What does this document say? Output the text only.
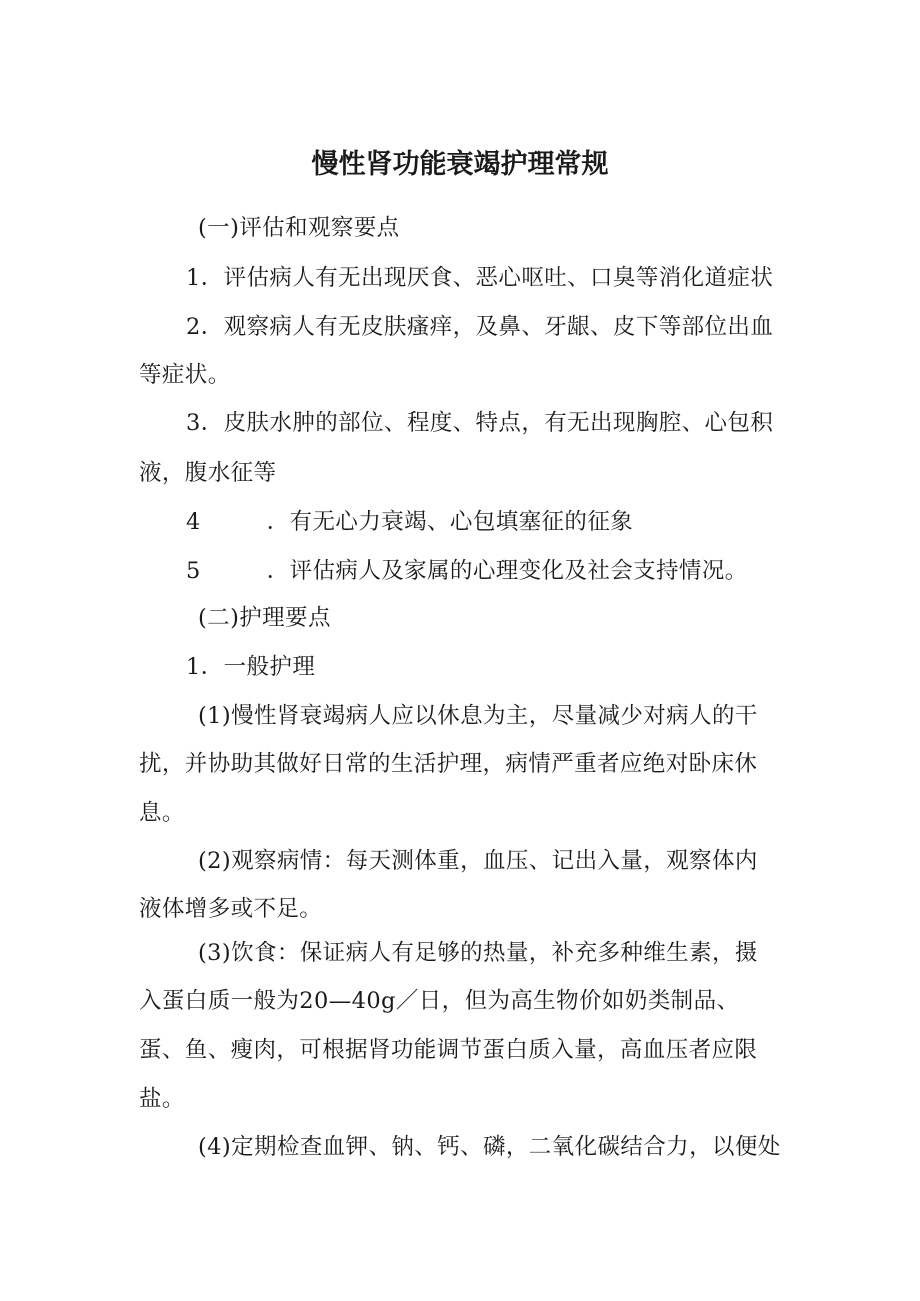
慢性肾功能衰竭护理常规
(一)评估和观察要点
1．评估病人有无出现厌食、恶心呕吐、口臭等消化道症状
2．观察病人有无皮肤瘙痒，及鼻、牙龈、皮下等部位出血
等症状。
3．皮肤水肿的部位、程度、特点，有无出现胸腔、心包积
液，腹水征等
4	．有无心力衰竭、心包填塞征的征象
5	．评估病人及家属的心理变化及社会支持情况。
(二)护理要点
1．一般护理
(1)慢性肾衰竭病人应以休息为主，尽量减少对病人的干
扰，并协助其做好日常的生活护理，病情严重者应绝对卧床休
息。
(2)观察病情：每天测体重，血压、记出入量，观察体内
液体增多或不足。
(3)饮食：保证病人有足够的热量，补充多种维生素，摄
入蛋白质一般为20—40g／日，但为高生物价如奶类制品、
蛋、鱼、瘦肉，可根据肾功能调节蛋白质入量，高血压者应限
盐。
(4)定期检查血钾、钠、钙、磷，二氧化碳结合力，以便处
